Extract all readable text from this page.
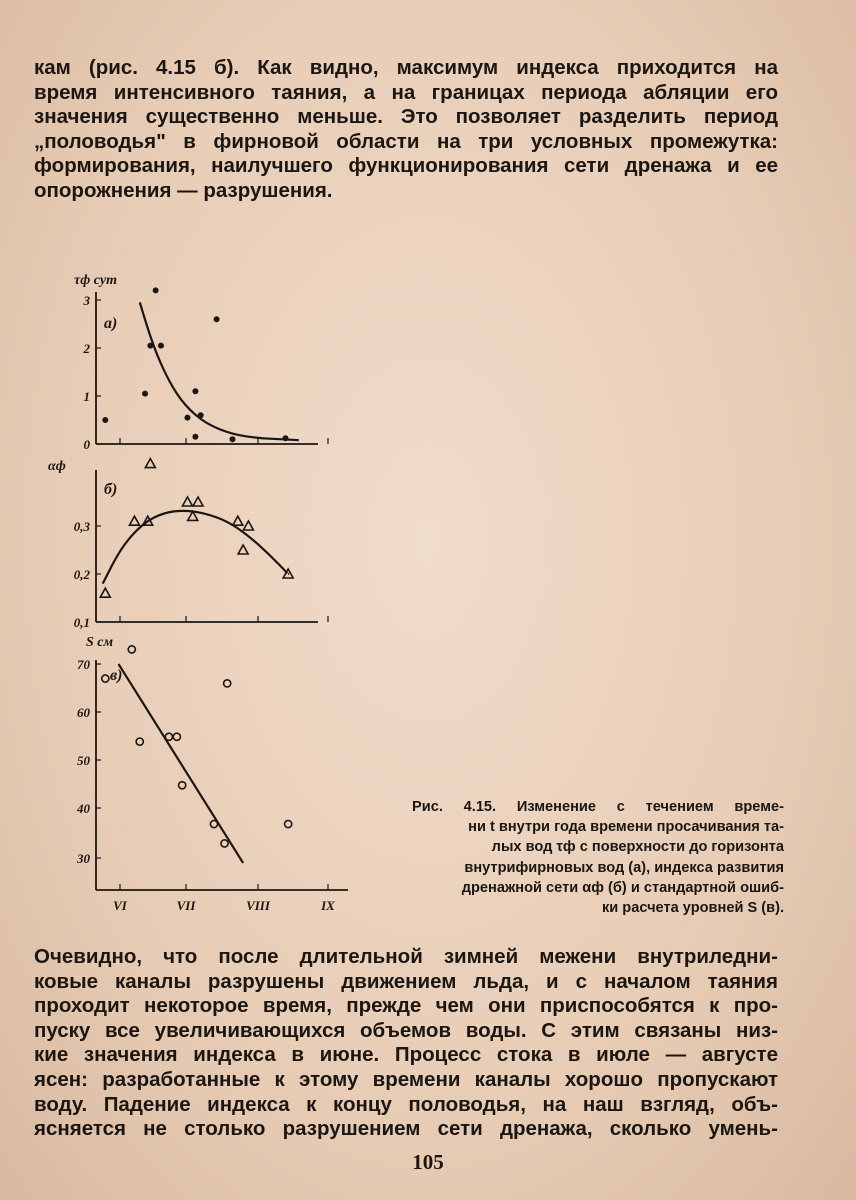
кам (рис. 4.15 б). Как видно, максимум индекса приходится на
время интенсивного таяния, а на границах периода абляции его
значения существенно меньше. Это позволяет разделить период
„половодья" в фирновой области на три условных промежутка:
формирования, наилучшего функционирования сети дренажа и ее
опорожнения — разрушения.
0
1
2
3
τф сут
а)
0,1
0,2
0,3
αф
б)
30
40
50
60
70
S см
в)
VI	VII	VIII	IX
Рис. 4.15. Изменение с течением време-
ни t внутри года времени просачивания та-
лых вод τф с поверхности до горизонта
внутрифирновых вод (а), индекса развития
дренажной сети αф (б) и стандартной ошиб-
ки расчета уровней S (в).
Очевидно, что после длительной зимней межени внутриледни-
ковые каналы разрушены движением льда, и с началом таяния
проходит некоторое время, прежде чем они приспособятся к про-
пуску все увеличивающихся объемов воды. С этим связаны низ-
кие значения индекса в июне. Процесс стока в июле — августе
ясен: разработанные к этому времени каналы хорошо пропускают
воду. Падение индекса к концу половодья, на наш взгляд, объ-
ясняется не столько разрушением сети дренажа, сколько умень-
105
